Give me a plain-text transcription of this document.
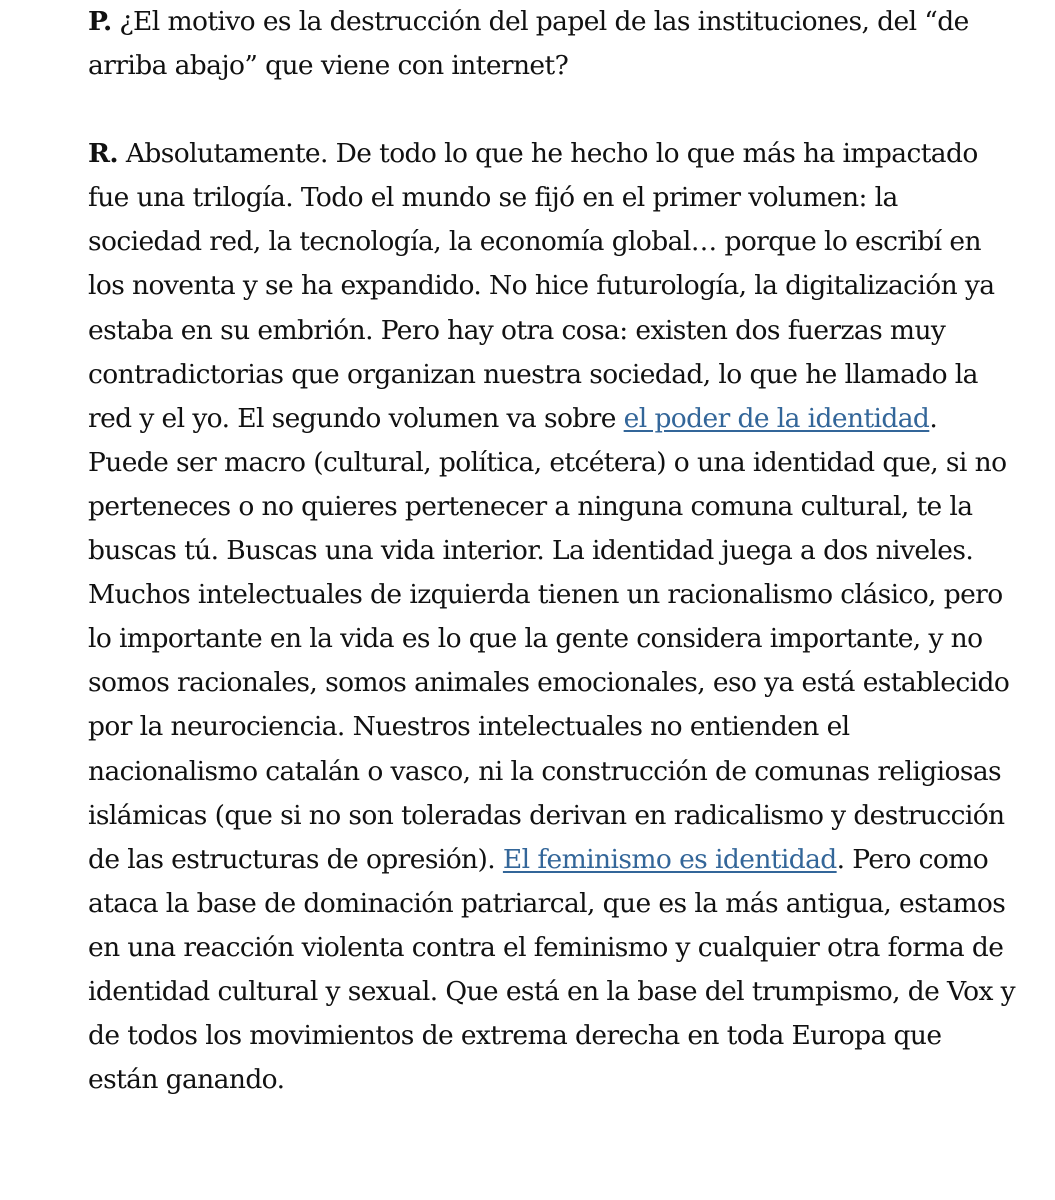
P. ¿El motivo es la destrucción del papel de las instituciones, del “de arriba abajo” que viene con internet?

R. Absolutamente. De todo lo que he hecho lo que más ha impactado fue una trilogía. Todo el mundo se fijó en el primer volumen: la sociedad red, la tecnología, la economía global… porque lo escribí en los noventa y se ha expandido. No hice futurología, la digitalización ya estaba en su embrión. Pero hay otra cosa: existen dos fuerzas muy contradictorias que organizan nuestra sociedad, lo que he llamado la red y el yo. El segundo volumen va sobre el poder de la identidad. Puede ser macro (cultural, política, etcétera) o una identidad que, si no perteneces o no quieres pertenecer a ninguna comuna cultural, te la buscas tú. Buscas una vida interior. La identidad juega a dos niveles. Muchos intelectuales de izquierda tienen un racionalismo clásico, pero lo importante en la vida es lo que la gente considera importante, y no somos racionales, somos animales emocionales, eso ya está establecido por la neurociencia. Nuestros intelectuales no entienden el nacionalismo catalán o vasco, ni la construcción de comunas religiosas islámicas (que si no son toleradas derivan en radicalismo y destrucción de las estructuras de opresión). El feminismo es identidad. Pero como ataca la base de dominación patriarcal, que es la más antigua, estamos en una reacción violenta contra el feminismo y cualquier otra forma de identidad cultural y sexual. Que está en la base del trumpismo, de Vox y de todos los movimientos de extrema derecha en toda Europa que están ganando.
